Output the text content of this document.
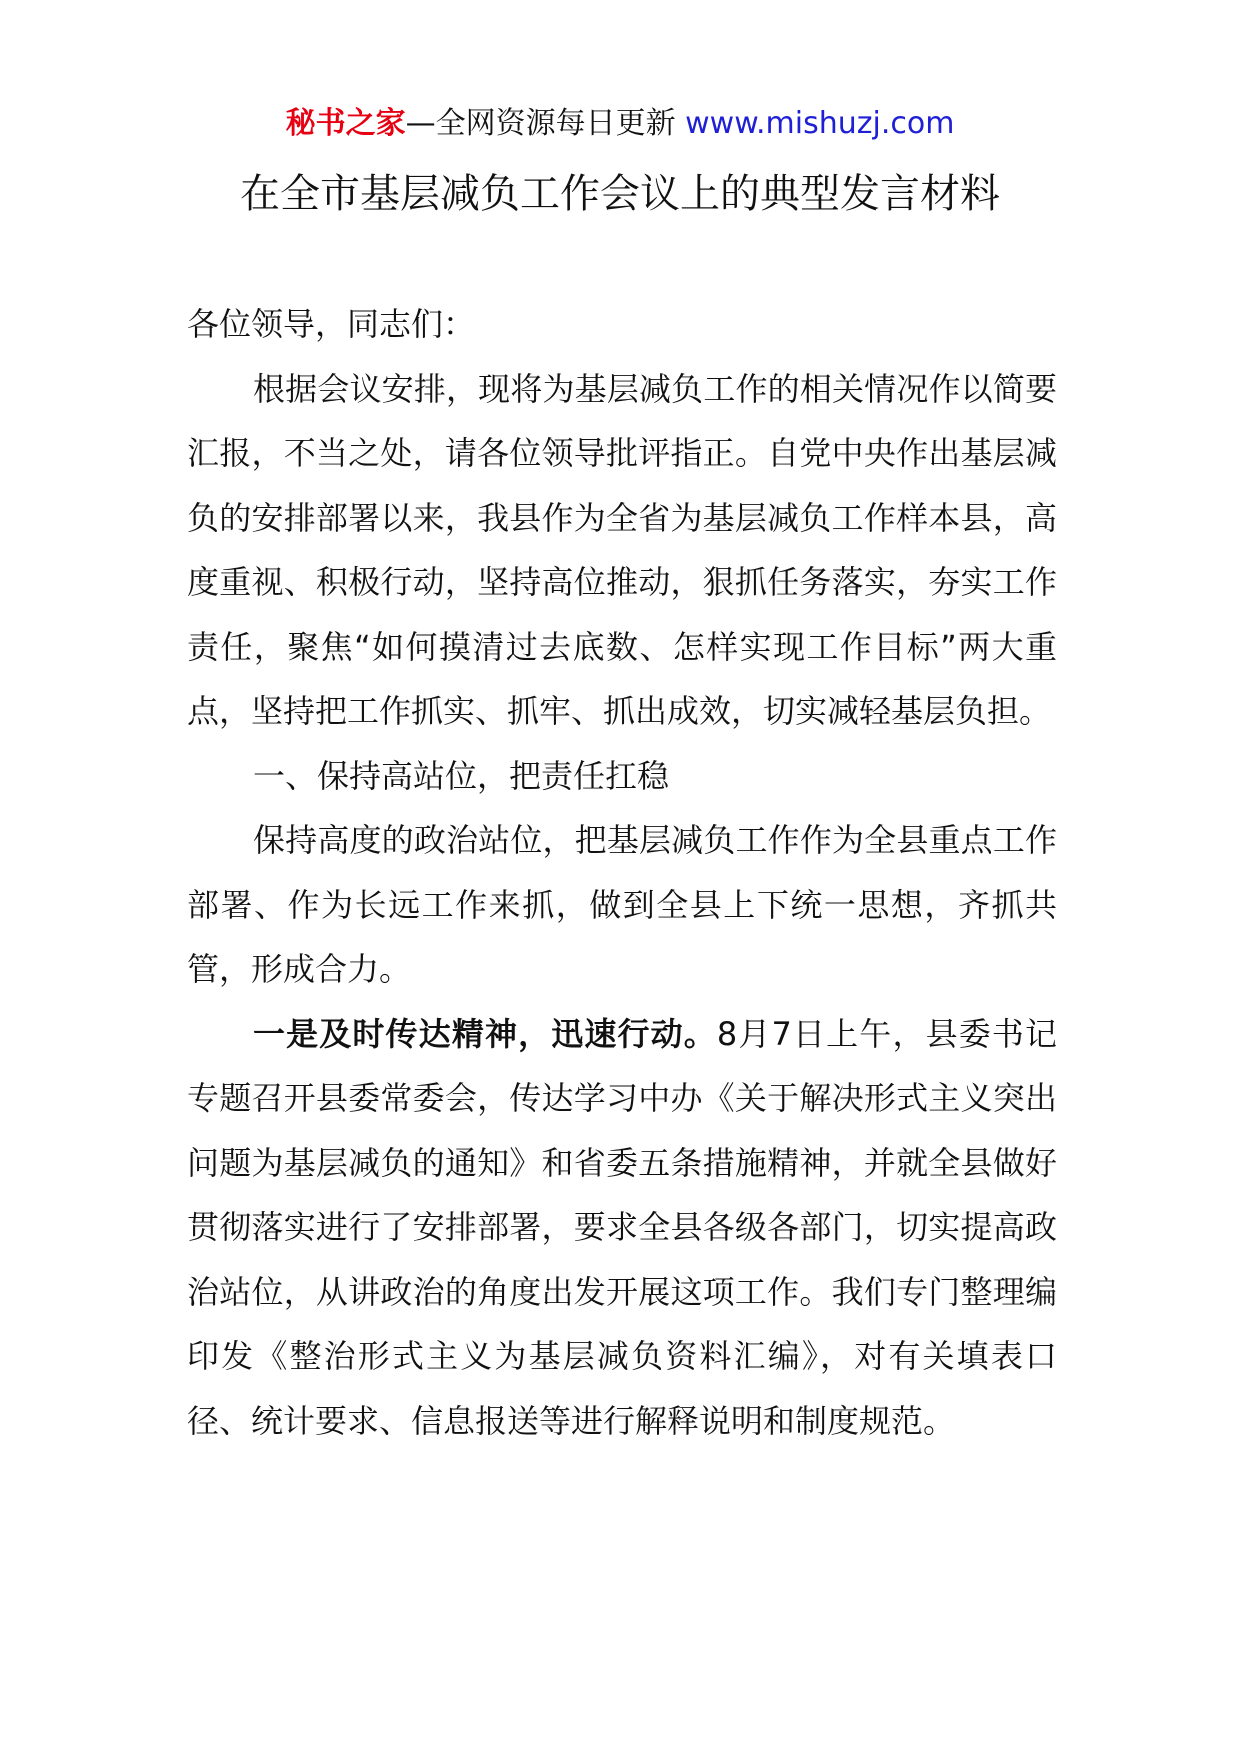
秘书之家—全网资源每日更新 www.mishuzj.com
在全市基层减负工作会议上的典型发言材料

各位领导，同志们：

根据会议安排，现将为基层减负工作的相关情况作以简要汇报，不当之处，请各位领导批评指正。自党中央作出基层减负的安排部署以来，我县作为全省为基层减负工作样本县，高度重视、积极行动，坚持高位推动，狠抓任务落实，夯实工作责任，聚焦“如何摸清过去底数、怎样实现工作目标”两大重点，坚持把工作抓实、抓牢、抓出成效，切实减轻基层负担。

一、保持高站位，把责任扛稳

保持高度的政治站位，把基层减负工作作为全县重点工作部署、作为长远工作来抓，做到全县上下统一思想，齐抓共管，形成合力。

一是及时传达精神，迅速行动。8月7日上午，县委书记专题召开县委常委会，传达学习中办《关于解决形式主义突出问题为基层减负的通知》和省委五条措施精神，并就全县做好贯彻落实进行了安排部署，要求全县各级各部门，切实提高政治站位，从讲政治的角度出发开展这项工作。我们专门整理编印发《整治形式主义为基层减负资料汇编》，对有关填表口径、统计要求、信息报送等进行解释说明和制度规范。
